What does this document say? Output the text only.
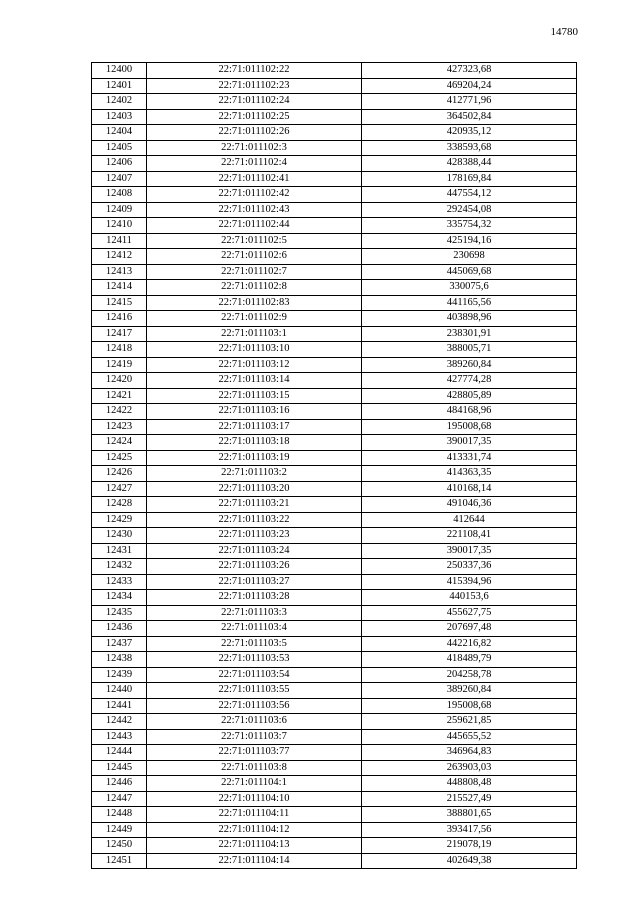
14780
12400	22:71:011102:22	427323,68
12401	22:71:011102:23	469204,24
12402	22:71:011102:24	412771,96
12403	22:71:011102:25	364502,84
12404	22:71:011102:26	420935,12
12405	22:71:011102:3	338593,68
12406	22:71:011102:4	428388,44
12407	22:71:011102:41	178169,84
12408	22:71:011102:42	447554,12
12409	22:71:011102:43	292454,08
12410	22:71:011102:44	335754,32
12411	22:71:011102:5	425194,16
12412	22:71:011102:6	230698
12413	22:71:011102:7	445069,68
12414	22:71:011102:8	330075,6
12415	22:71:011102:83	441165,56
12416	22:71:011102:9	403898,96
12417	22:71:011103:1	238301,91
12418	22:71:011103:10	388005,71
12419	22:71:011103:12	389260,84
12420	22:71:011103:14	427774,28
12421	22:71:011103:15	428805,89
12422	22:71:011103:16	484168,96
12423	22:71:011103:17	195008,68
12424	22:71:011103:18	390017,35
12425	22:71:011103:19	413331,74
12426	22:71:011103:2	414363,35
12427	22:71:011103:20	410168,14
12428	22:71:011103:21	491046,36
12429	22:71:011103:22	412644
12430	22:71:011103:23	221108,41
12431	22:71:011103:24	390017,35
12432	22:71:011103:26	250337,36
12433	22:71:011103:27	415394,96
12434	22:71:011103:28	440153,6
12435	22:71:011103:3	455627,75
12436	22:71:011103:4	207697,48
12437	22:71:011103:5	442216,82
12438	22:71:011103:53	418489,79
12439	22:71:011103:54	204258,78
12440	22:71:011103:55	389260,84
12441	22:71:011103:56	195008,68
12442	22:71:011103:6	259621,85
12443	22:71:011103:7	445655,52
12444	22:71:011103:77	346964,83
12445	22:71:011103:8	263903,03
12446	22:71:011104:1	448808,48
12447	22:71:011104:10	215527,49
12448	22:71:011104:11	388801,65
12449	22:71:011104:12	393417,56
12450	22:71:011104:13	219078,19
12451	22:71:011104:14	402649,38
